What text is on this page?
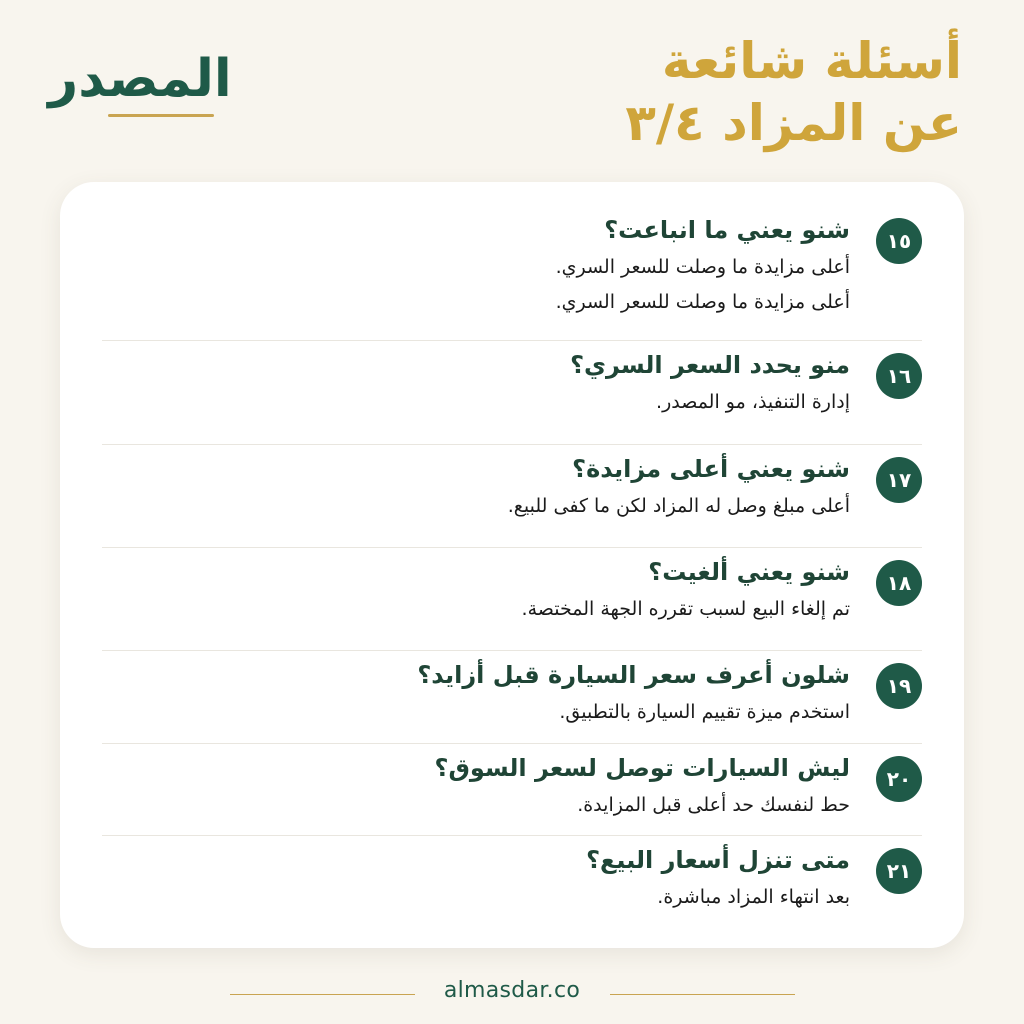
المصدر	أسئلة شائعة
عن المزاد ٣/٤
١٥
شنو يعني ما انباعت؟
أعلى مزايدة ما وصلت للسعر السري.
أعلى مزايدة ما وصلت للسعر السري.
١٦
منو يحدد السعر السري؟
إدارة التنفيذ، مو المصدر.
١٧
شنو يعني أعلى مزايدة؟
أعلى مبلغ وصل له المزاد لكن ما كفى للبيع.
١٨
شنو يعني ألغيت؟
تم إلغاء البيع لسبب تقرره الجهة المختصة.
١٩
شلون أعرف سعر السيارة قبل أزايد؟
استخدم ميزة تقييم السيارة بالتطبيق.
٢٠
ليش السيارات توصل لسعر السوق؟
حط لنفسك حد أعلى قبل المزايدة.
٢١
متى تنزل أسعار البيع؟
بعد انتهاء المزاد مباشرة.
almasdar.co
